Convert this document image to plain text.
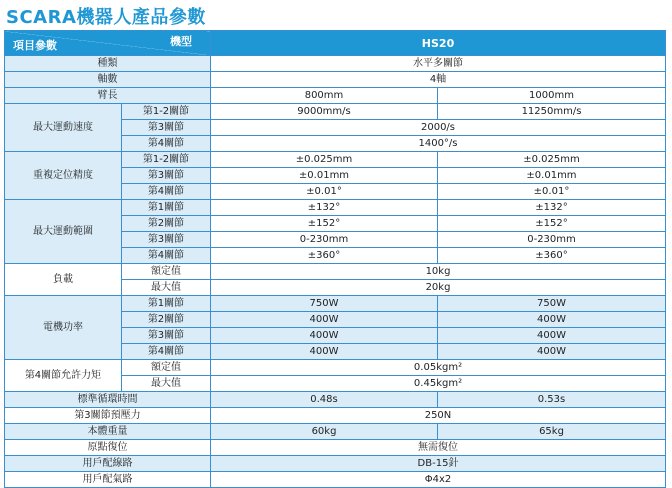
SCARA機器人產品參數
機型
項目參數		HS20	
種類		水平多關節	
軸數		4軸	
臂長		800mm	1000mm
最大運動速度	第1-2關節	9000mm/s	11250mm/s
	第3關節	2000/s	
	第4關節	1400°/s	
重複定位精度	第1-2關節	±0.025mm	±0.025mm
	第3關節	±0.01mm	±0.01mm
	第4關節	±0.01°	±0.01°
最大運動範圍	第1關節	±132°	±132°
	第2關節	±152°	±152°
	第3關節	0-230mm	0-230mm
	第4關節	±360°	±360°
負載	額定值	10kg	
	最大值	20kg	
電機功率	第1關節	750W	750W
	第2關節	400W	400W
	第3關節	400W	400W
	第4關節	400W	400W
第4關節允許力矩	額定值	0.05kgm²	
	最大值	0.45kgm²	
標準循環時間		0.48s	0.53s
第3關節預壓力		250N	
本體重量		60kg	65kg
原點復位		無需復位	
用戶配線路		DB-15針	
用戶配氣路		Φ4x2	
